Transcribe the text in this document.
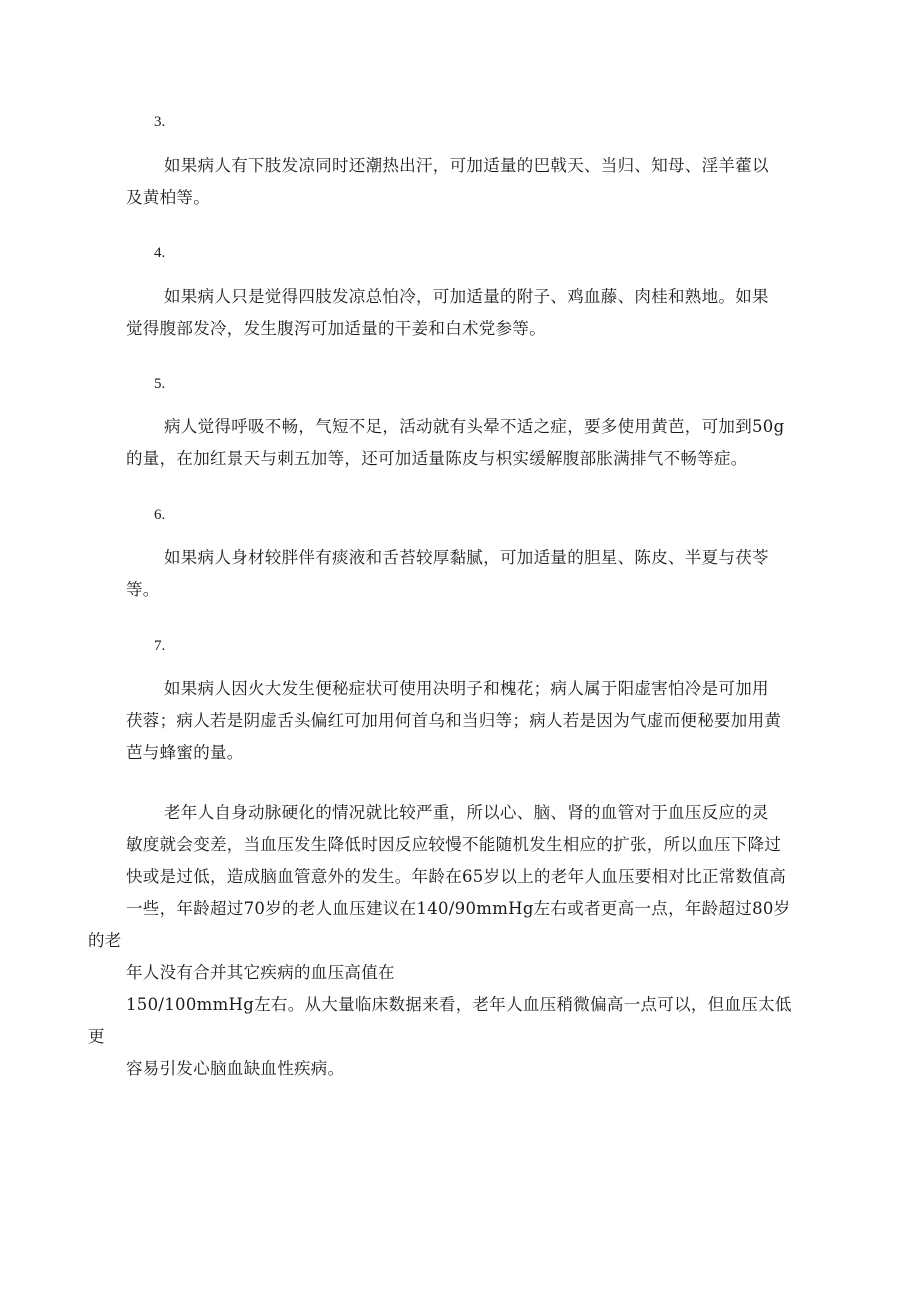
3.

如果病人有下肢发凉同时还潮热出汗，可加适量的巴戟天、当归、知母、淫羊藿以
及黄柏等。

4.

如果病人只是觉得四肢发凉总怕冷，可加适量的附子、鸡血藤、肉桂和熟地。如果
觉得腹部发冷，发生腹泻可加适量的干姜和白术党参等。

5.

病人觉得呼吸不畅，气短不足，活动就有头晕不适之症，要多使用黄芭，可加到50g
的量，在加红景天与刺五加等，还可加适量陈皮与枳实缓解腹部胀满排气不畅等症。

6.

如果病人身材较胖伴有痰液和舌苔较厚黏腻，可加适量的胆星、陈皮、半夏与茯苓
等。

7.

如果病人因火大发生便秘症状可使用决明子和槐花；病人属于阳虚害怕冷是可加用
茯蓉；病人若是阴虚舌头偏红可加用何首乌和当归等；病人若是因为气虚而便秘要加用黄
芭与蜂蜜的量。

老年人自身动脉硬化的情况就比较严重，所以心、脑、肾的血管对于血压反应的灵
敏度就会变差，当血压发生降低时因反应较慢不能随机发生相应的扩张，所以血压下降过
快或是过低，造成脑血管意外的发生。年龄在65岁以上的老年人血压要相对比正常数值高
一些，年龄超过70岁的老人血压建议在140/90mmHg左右或者更高一点，年龄超过80岁的老
年人没有合并其它疾病的血压高值在
150/100mmHg左右。从大量临床数据来看，老年人血压稍微偏高一点可以，但血压太低更
容易引发心脑血缺血性疾病。
